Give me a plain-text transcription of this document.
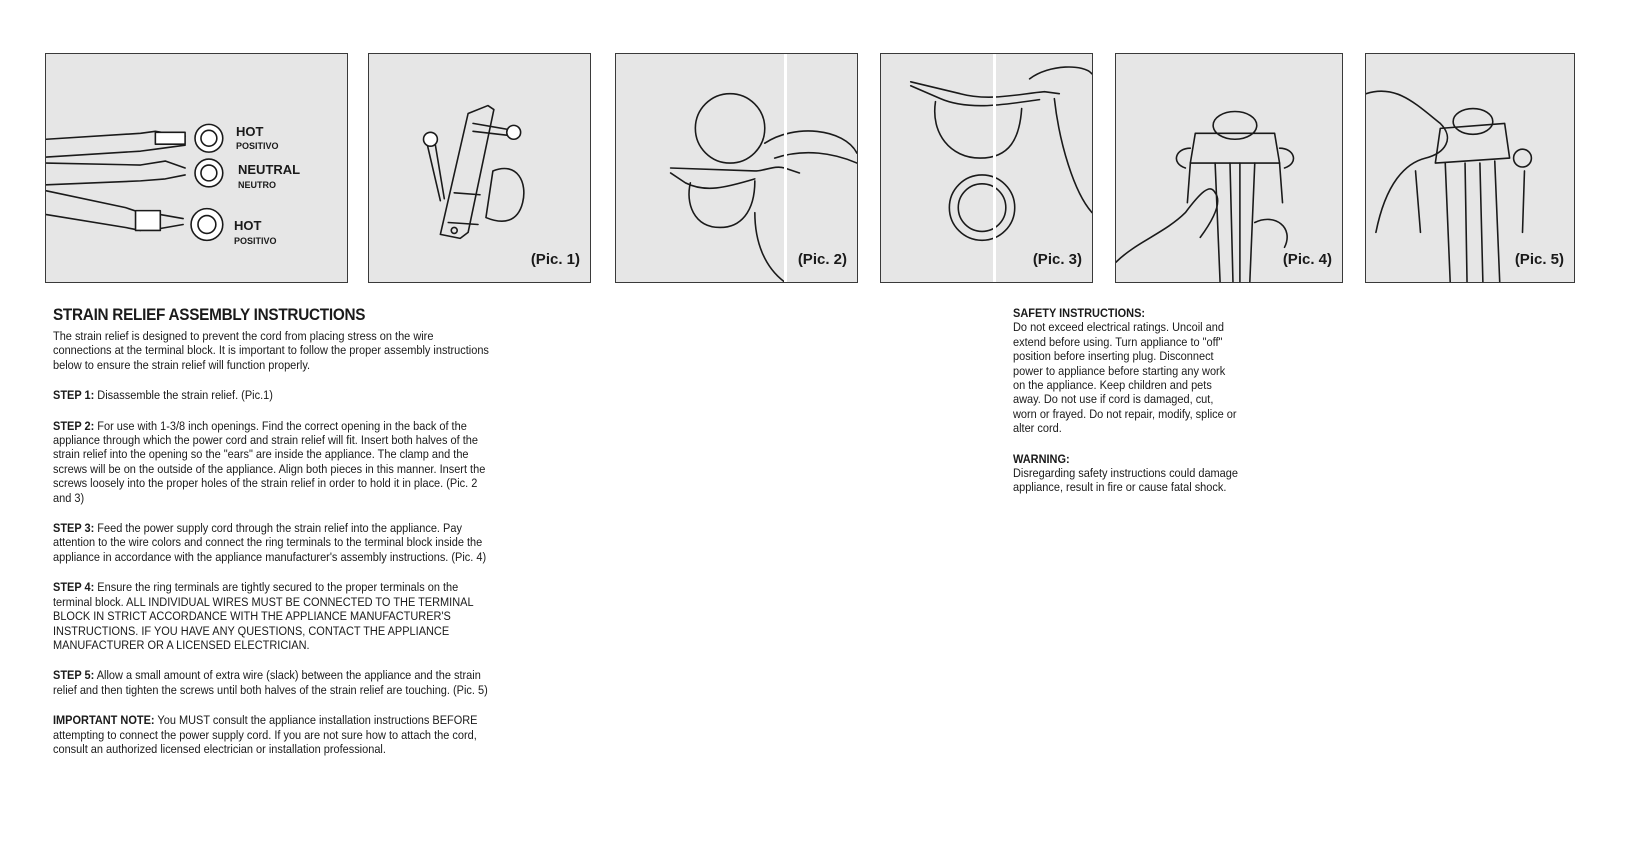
HOT
POSITIVO
NEUTRAL
NEUTRO
HOT
POSITIVO
(Pic. 1)	(Pic. 2)	(Pic. 3)	(Pic. 4)	(Pic. 5)
STRAIN RELIEF ASSEMBLY INSTRUCTIONS

The strain relief is designed to prevent the cord from placing stress on the wire connections at the terminal block. It is important to follow the proper assembly instructions below to ensure the strain relief will function properly.

STEP 1: Disassemble the strain relief. (Pic.1)

STEP 2: For use with 1-3/8 inch openings. Find the correct opening in the back of the appliance through which the power cord and strain relief will fit. Insert both halves of the strain relief into the opening so the "ears" are inside the appliance. The clamp and the screws will be on the outside of the appliance. Align both pieces in this manner. Insert the screws loosely into the proper holes of the strain relief in order to hold it in place. (Pic. 2 and 3)

STEP 3: Feed the power supply cord through the strain relief into the appliance. Pay attention to the wire colors and connect the ring terminals to the terminal block inside the appliance in accordance with the appliance manufacturer's assembly instructions. (Pic. 4)

STEP 4: Ensure the ring terminals are tightly secured to the proper terminals on the terminal block. ALL INDIVIDUAL WIRES MUST BE CONNECTED TO THE TERMINAL BLOCK IN STRICT ACCORDANCE WITH THE APPLIANCE MANUFACTURER'S INSTRUCTIONS. IF YOU HAVE ANY QUESTIONS, CONTACT THE APPLIANCE MANUFACTURER OR A LICENSED ELECTRICIAN.

STEP 5: Allow a small amount of extra wire (slack) between the appliance and the strain relief and then tighten the screws until both halves of the strain relief are touching. (Pic. 5)

IMPORTANT NOTE: You MUST consult the appliance installation instructions BEFORE attempting to connect the power supply cord. If you are not sure how to attach the cord, consult an authorized licensed electrician or installation professional.

SAFETY INSTRUCTIONS:
Do not exceed electrical ratings. Uncoil and extend before using. Turn appliance to "off" position before inserting plug. Disconnect power to appliance before starting any work on the appliance. Keep children and pets away. Do not use if cord is damaged, cut, worn or frayed. Do not repair, modify, splice or alter cord.

WARNING:
Disregarding safety instructions could damage appliance, result in fire or cause fatal shock.
